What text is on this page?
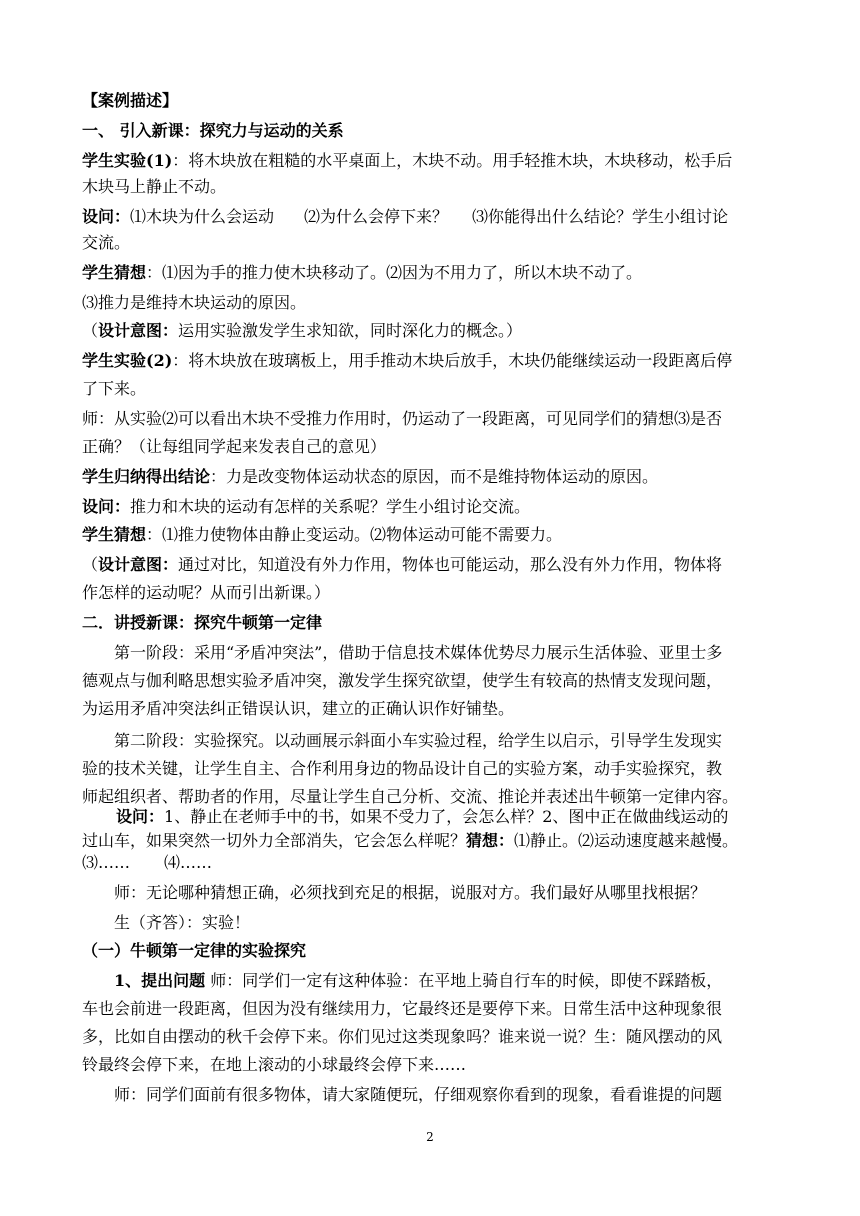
【案例描述】
一、 引入新课：探究力与运动的关系
学生实验(1)：将木块放在粗糙的水平桌面上，木块不动。用手轻推木块，木块移动，松手后
木块马上静止不动。
设问：⑴木块为什么会运动 ⑵为什么会停下来？ ⑶你能得出什么结论？学生小组讨论
交流。
学生猜想：⑴因为手的推力使木块移动了。⑵因为不用力了，所以木块不动了。
⑶推力是维持木块运动的原因。
（设计意图：运用实验激发学生求知欲，同时深化力的概念。）
学生实验(2)：将木块放在玻璃板上，用手推动木块后放手，木块仍能继续运动一段距离后停
了下来。
师：从实验⑵可以看出木块不受推力作用时，仍运动了一段距离，可见同学们的猜想⑶是否
正确？（让每组同学起来发表自己的意见）
学生归纳得出结论：力是改变物体运动状态的原因，而不是维持物体运动的原因。
设问：推力和木块的运动有怎样的关系呢？学生小组讨论交流。
学生猜想：⑴推力使物体由静止变运动。⑵物体运动可能不需要力。
（设计意图：通过对比，知道没有外力作用，物体也可能运动，那么没有外力作用，物体将
作怎样的运动呢？从而引出新课。）
二．讲授新课：探究牛顿第一定律
第一阶段：采用“矛盾冲突法”，借助于信息技术媒体优势尽力展示生活体验、亚里士多
德观点与伽利略思想实验矛盾冲突，激发学生探究欲望，使学生有较高的热情支发现问题，
为运用矛盾冲突法纠正错误认识，建立的正确认识作好铺垫。
第二阶段：实验探究。以动画展示斜面小车实验过程，给学生以启示，引导学生发现实
验的技术关键，让学生自主、合作利用身边的物品设计自己的实验方案，动手实验探究，教
师起组织者、帮助者的作用，尽量让学生自己分析、交流、推论并表述出牛顿第一定律内容。
设问：1、静止在老师手中的书，如果不受力了，会怎么样？2、图中正在做曲线运动的
过山车，如果突然一切外力全部消失，它会怎么样呢？猜想：⑴静止。⑵运动速度越来越慢。
⑶…… ⑷……
师：无论哪种猜想正确，必须找到充足的根据，说服对方。我们最好从哪里找根据？
生（齐答）：实验！
（一）牛顿第一定律的实验探究
1、提出问题 师：同学们一定有这种体验：在平地上骑自行车的时候，即使不踩踏板，
车也会前进一段距离，但因为没有继续用力，它最终还是要停下来。日常生活中这种现象很
多，比如自由摆动的秋千会停下来。你们见过这类现象吗？谁来说一说？生：随风摆动的风
铃最终会停下来，在地上滚动的小球最终会停下来……
师：同学们面前有很多物体，请大家随便玩，仔细观察你看到的现象，看看谁提的问题
2
